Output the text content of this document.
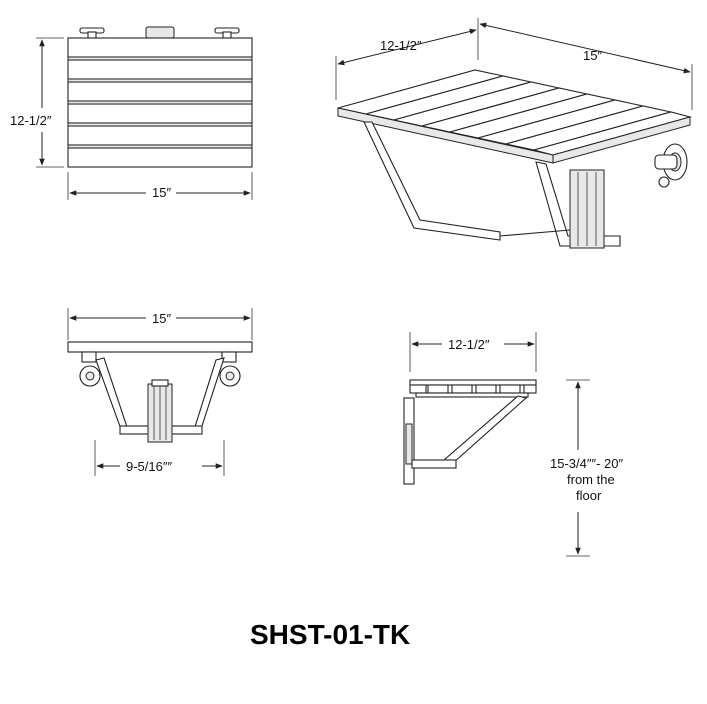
12-1/2″
15″
12-1/2″
15″
15″
9-5/16″″
12-1/2″
15-3/4″″- 20″
from the
floor
SHST-01-TK
